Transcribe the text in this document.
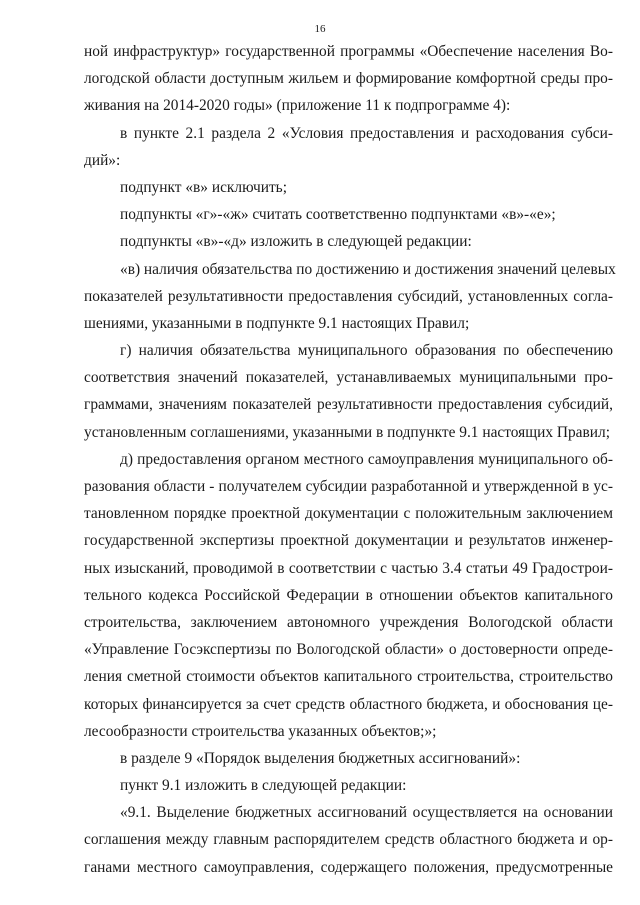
16
ной инфраструктур» государственной программы «Обеспечение населения Во-
логодской области доступным жильем и формирование комфортной среды про-
живания на 2014-2020 годы» (приложение 11 к подпрограмме 4):
в пункте 2.1 раздела 2 «Условия предоставления и расходования субси-
дий»:
подпункт «в» исключить;
подпункты «г»-«ж» считать соответственно подпунктами «в»-«е»;
подпункты «в»-«д» изложить в следующей редакции:
«в) наличия обязательства по достижению и достижения значений целевых
показателей результативности предоставления субсидий, установленных согла-
шениями, указанными в подпункте 9.1 настоящих Правил;
г) наличия обязательства муниципального образования по обеспечению
соответствия значений показателей, устанавливаемых муниципальными про-
граммами, значениям показателей результативности предоставления субсидий,
установленным соглашениями, указанными в подпункте 9.1 настоящих Правил;
д) предоставления органом местного самоуправления муниципального об-
разования области - получателем субсидии разработанной и утвержденной в ус-
тановленном порядке проектной документации с положительным заключением
государственной экспертизы проектной документации и результатов инженер-
ных изысканий, проводимой в соответствии с частью 3.4 статьи 49 Градострои-
тельного кодекса Российской Федерации в отношении объектов капитального
строительства, заключением автономного учреждения Вологодской области
«Управление Госэкспертизы по Вологодской области» о достоверности опреде-
ления сметной стоимости объектов капитального строительства, строительство
которых финансируется за счет средств областного бюджета, и обоснования це-
лесообразности строительства указанных объектов;»;
в разделе 9 «Порядок выделения бюджетных ассигнований»:
пункт 9.1 изложить в следующей редакции:
«9.1. Выделение бюджетных ассигнований осуществляется на основании
соглашения между главным распорядителем средств областного бюджета и ор-
ганами местного самоуправления, содержащего положения, предусмотренные
